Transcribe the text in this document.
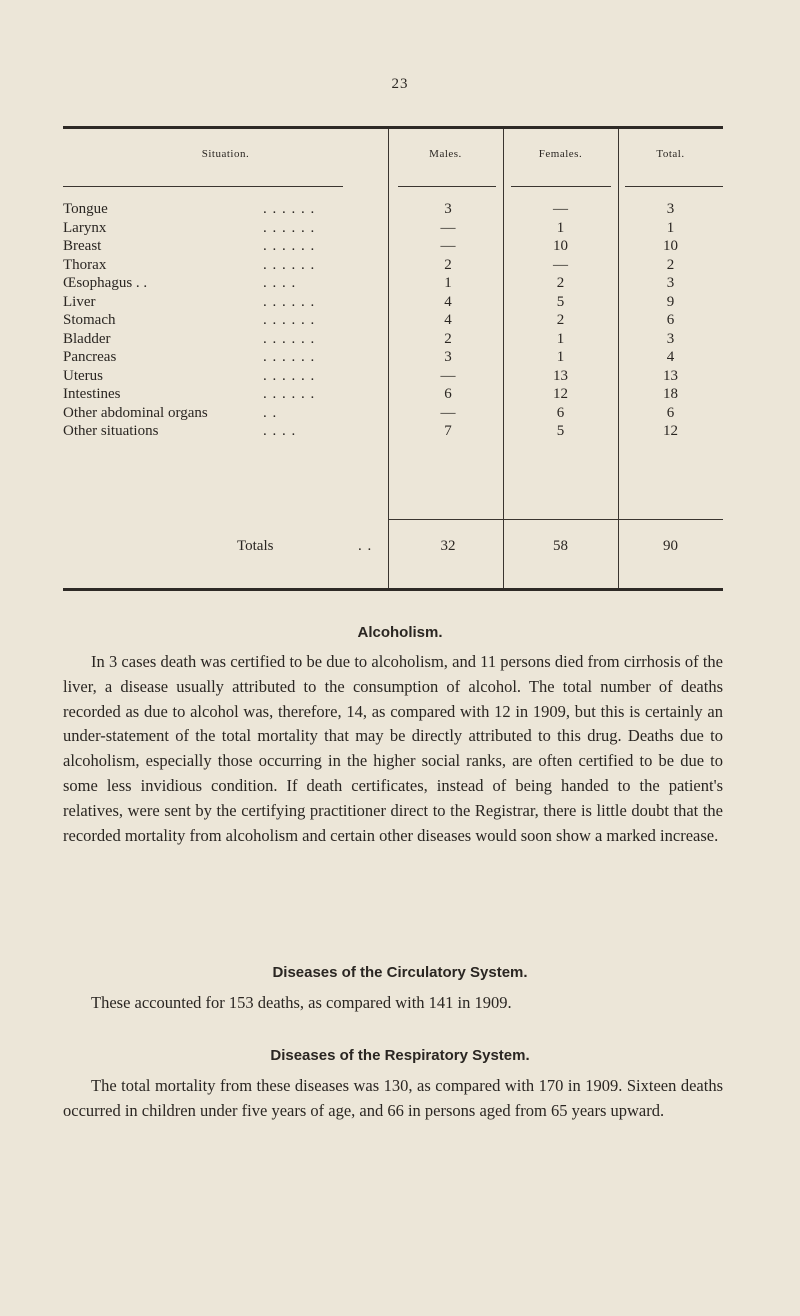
23
Situation.	Males.	Females.	Total.
Tongue	. . . . . .	3	—	3
Larynx	. . . . . .	—	1	1
Breast	. . . . . .	—	10	10
Thorax	. . . . . .	2	—	2
Œsophagus . .	. . . .	1	2	3
Liver	. . . . . .	4	5	9
Stomach	. . . . . .	4	2	6
Bladder	. . . . . .	2	1	3
Pancreas	. . . . . .	3	1	4
Uterus	. . . . . .	—	13	13
Intestines	. . . . . .	6	12	18
Other abdominal organs	. .	—	6	6
Other situations	. . . .	7	5	12
Totals	. .	32	58	90
Alcoholism.
In 3 cases death was certified to be due to alcoholism, and 11 persons died from cirrhosis of the liver, a disease usually attributed to the consumption of alcohol. The total number of deaths recorded as due to alcohol was, therefore, 14, as compared with 12 in 1909, but this is certainly an under-statement of the total mortality that may be directly attributed to this drug. Deaths due to alcoholism, especially those occurring in the higher social ranks, are often certified to be due to some less invidious condition. If death certificates, instead of being handed to the patient's relatives, were sent by the certifying practitioner direct to the Registrar, there is little doubt that the recorded mortality from alcoholism and certain other diseases would soon show a marked increase.
Diseases of the Circulatory System.
These accounted for 153 deaths, as compared with 141 in 1909.
Diseases of the Respiratory System.
The total mortality from these diseases was 130, as compared with 170 in 1909. Sixteen deaths occurred in children under five years of age, and 66 in persons aged from 65 years upward.
